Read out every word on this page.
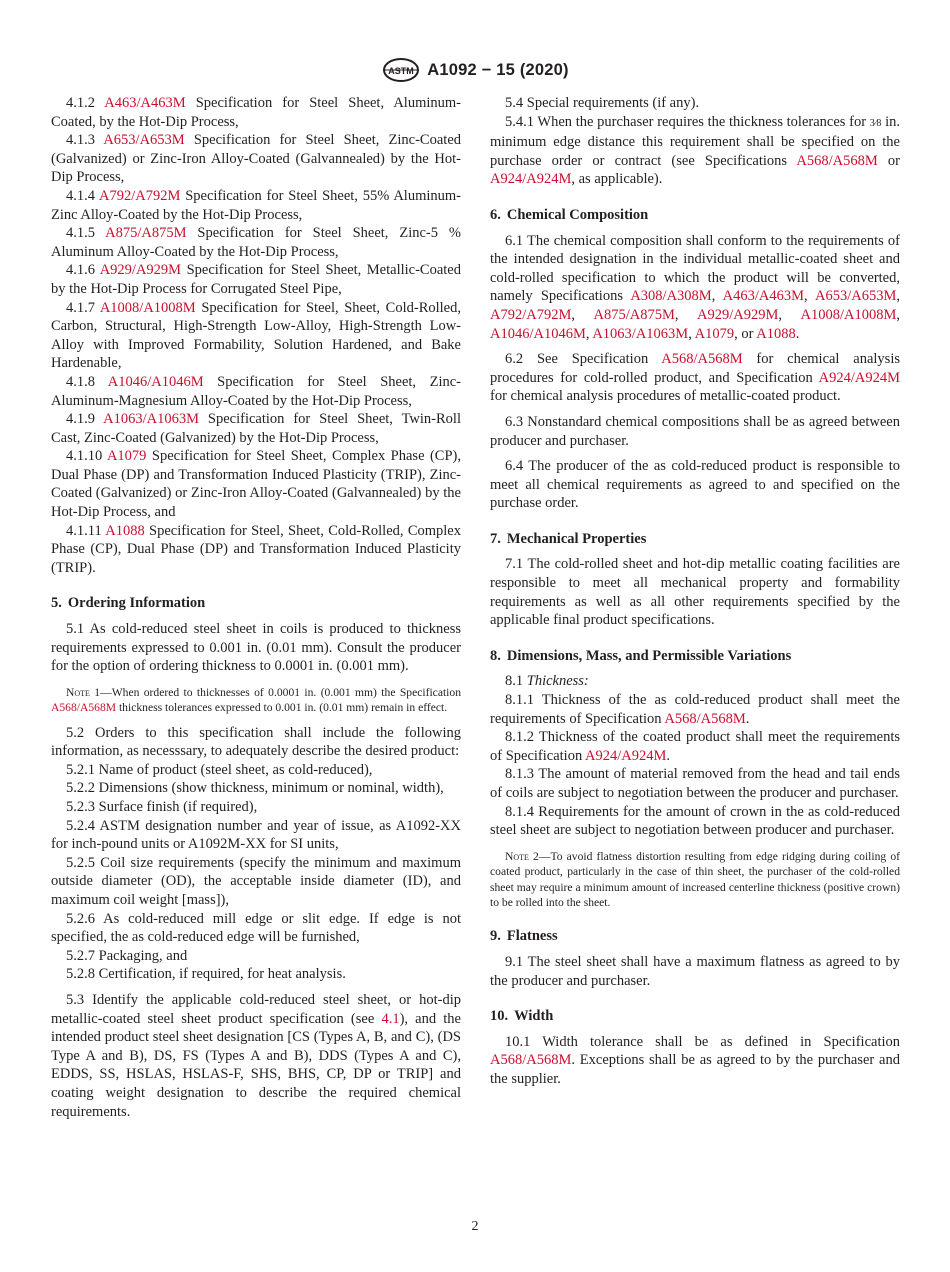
ASTM A1092 − 15 (2020)

4.1.2 A463/A463M Specification for Steel Sheet, Aluminum-Coated, by the Hot-Dip Process,

4.1.3 A653/A653M Specification for Steel Sheet, Zinc-Coated (Galvanized) or Zinc-Iron Alloy-Coated (Galvannealed) by the Hot-Dip Process,

4.1.4 A792/A792M Specification for Steel Sheet, 55% Aluminum-Zinc Alloy-Coated by the Hot-Dip Process,

4.1.5 A875/A875M Specification for Steel Sheet, Zinc-5 % Aluminum Alloy-Coated by the Hot-Dip Process,

4.1.6 A929/A929M Specification for Steel Sheet, Metallic-Coated by the Hot-Dip Process for Corrugated Steel Pipe,

4.1.7 A1008/A1008M Specification for Steel, Sheet, Cold-Rolled, Carbon, Structural, High-Strength Low-Alloy, High-Strength Low-Alloy with Improved Formability, Solution Hardened, and Bake Hardenable,

4.1.8 A1046/A1046M Specification for Steel Sheet, Zinc-Aluminum-Magnesium Alloy-Coated by the Hot-Dip Process,

4.1.9 A1063/A1063M Specification for Steel Sheet, Twin-Roll Cast, Zinc-Coated (Galvanized) by the Hot-Dip Process,

4.1.10 A1079 Specification for Steel Sheet, Complex Phase (CP), Dual Phase (DP) and Transformation Induced Plasticity (TRIP), Zinc-Coated (Galvanized) or Zinc-Iron Alloy-Coated (Galvannealed) by the Hot-Dip Process, and

4.1.11 A1088 Specification for Steel, Sheet, Cold-Rolled, Complex Phase (CP), Dual Phase (DP) and Transformation Induced Plasticity (TRIP).

5. Ordering Information

5.1 As cold-reduced steel sheet in coils is produced to thickness requirements expressed to 0.001 in. (0.01 mm). Consult the producer for the option of ordering thickness to 0.0001 in. (0.001 mm).

Note 1—When ordered to thicknesses of 0.0001 in. (0.001 mm) the Specification A568/A568M thickness tolerances expressed to 0.001 in. (0.01 mm) remain in effect.

5.2 Orders to this specification shall include the following information, as necesssary, to adequately describe the desired product:

5.2.1 Name of product (steel sheet, as cold-reduced),

5.2.2 Dimensions (show thickness, minimum or nominal, width),

5.2.3 Surface finish (if required),

5.2.4 ASTM designation number and year of issue, as A1092-XX for inch-pound units or A1092M-XX for SI units,

5.2.5 Coil size requirements (specify the minimum and maximum outside diameter (OD), the acceptable inside diameter (ID), and maximum coil weight [mass]),

5.2.6 As cold-reduced mill edge or slit edge. If edge is not specified, the as cold-reduced edge will be furnished,

5.2.7 Packaging, and

5.2.8 Certification, if required, for heat analysis.

5.3 Identify the applicable cold-reduced steel sheet, or hot-dip metallic-coated steel sheet product specification (see 4.1), and the intended product steel sheet designation [CS (Types A, B, and C), (DS Type A and B), DS, FS (Types A and B), DDS (Types A and C), EDDS, SS, HSLAS, HSLAS-F, SHS, BHS, CP, DP or TRIP] and coating weight designation to describe the required chemical requirements.

5.4 Special requirements (if any).

5.4.1 When the purchaser requires the thickness tolerances for 3⁄8 in. minimum edge distance this requirement shall be specified on the purchase order or contract (see Specifications A568/A568M or A924/A924M, as applicable).

6. Chemical Composition

6.1 The chemical composition shall conform to the requirements of the intended designation in the individual metallic-coated sheet and cold-rolled specification to which the product will be converted, namely Specifications A308/A308M, A463/A463M, A653/A653M, A792/A792M, A875/A875M, A929/A929M, A1008/A1008M, A1046/A1046M, A1063/A1063M, A1079, or A1088.

6.2 See Specification A568/A568M for chemical analysis procedures for cold-rolled product, and Specification A924/A924M for chemical analysis procedures of metallic-coated product.

6.3 Nonstandard chemical compositions shall be as agreed between producer and purchaser.

6.4 The producer of the as cold-reduced product is responsible to meet all chemical requirements as agreed to and specified on the purchase order.

7. Mechanical Properties

7.1 The cold-rolled sheet and hot-dip metallic coating facilities are responsible to meet all mechanical property and formability requirements as well as all other requirements specified by the applicable final product specifications.

8. Dimensions, Mass, and Permissible Variations

8.1 Thickness:

8.1.1 Thickness of the as cold-reduced product shall meet the requirements of Specification A568/A568M.

8.1.2 Thickness of the coated product shall meet the requirements of Specification A924/A924M.

8.1.3 The amount of material removed from the head and tail ends of coils are subject to negotiation between the producer and purchaser.

8.1.4 Requirements for the amount of crown in the as cold-reduced steel sheet are subject to negotiation between producer and purchaser.

Note 2—To avoid flatness distortion resulting from edge ridging during coiling of coated product, particularly in the case of thin sheet, the purchaser of the cold-rolled sheet may require a minimum amount of increased centerline thickness (positive crown) to be rolled into the sheet.

9. Flatness

9.1 The steel sheet shall have a maximum flatness as agreed to by the producer and purchaser.

10. Width

10.1 Width tolerance shall be as defined in Specification A568/A568M. Exceptions shall be as agreed to by the purchaser and the supplier.

2
